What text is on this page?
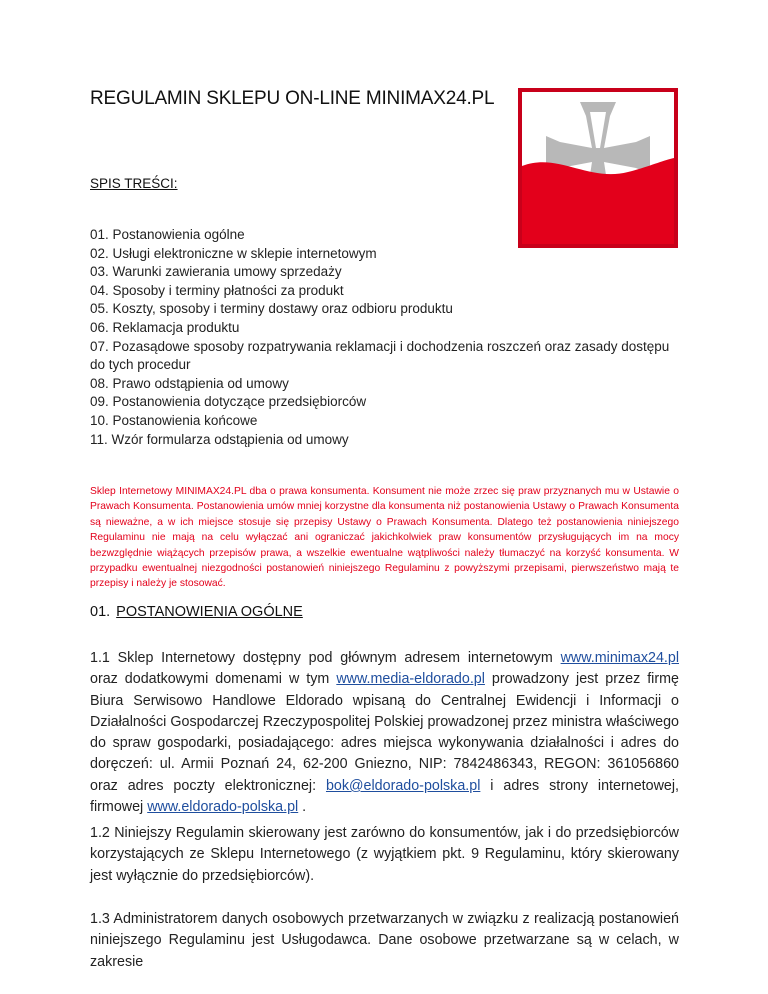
REGULAMIN SKLEPU ON-LINE MINIMAX24.PL
SPIS TREŚCI:
01. Postanowienia ogólne
02. Usługi elektroniczne w sklepie internetowym
03. Warunki zawierania umowy sprzedaży
04. Sposoby i terminy płatności za produkt
05. Koszty, sposoby i terminy dostawy oraz odbioru produktu
06. Reklamacja produktu
07. Pozasądowe sposoby rozpatrywania reklamacji i dochodzenia roszczeń oraz zasady dostępu do tych procedur
08. Prawo odstąpienia od umowy
09. Postanowienia dotyczące przedsiębiorców
10. Postanowienia końcowe
11. Wzór formularza odstąpienia od umowy

Sklep Internetowy MINIMAX24.PL dba o prawa konsumenta. Konsument nie może zrzec się praw przyznanych mu w Ustawie o Prawach Konsumenta. Postanowienia umów mniej korzystne dla konsumenta niż postanowienia Ustawy o Prawach Konsumenta są nieważne, a w ich miejsce stosuje się przepisy Ustawy o Prawach Konsumenta. Dlatego też postanowienia niniejszego Regulaminu nie mają na celu wyłączać ani ograniczać jakichkolwiek praw konsumentów przysługujących im na mocy bezwzględnie wiążących przepisów prawa, a wszelkie ewentualne wątpliwości należy tłumaczyć na korzyść konsumenta. W przypadku ewentualnej niezgodności postanowień niniejszego Regulaminu z powyższymi przepisami, pierwszeństwo mają te przepisy i należy je stosować.

01. POSTANOWIENIA OGÓLNE

1.1 Sklep Internetowy dostępny pod głównym adresem internetowym www.minimax24.pl oraz dodatkowymi domenami w tym www.media-eldorado.pl prowadzony jest przez firmę Biura Serwisowo Handlowe Eldorado wpisaną do Centralnej Ewidencji i Informacji o Działalności Gospodarczej Rzeczypospolitej Polskiej prowadzonej przez ministra właściwego do spraw gospodarki, posiadającego: adres miejsca wykonywania działalności i adres do doręczeń: ul. Armii Poznań 24, 62-200 Gniezno, NIP: 7842486343, REGON: 361056860 oraz adres poczty elektronicznej: bok@eldorado-polska.pl i adres strony internetowej, firmowej www.eldorado-polska.pl .

1.2 Niniejszy Regulamin skierowany jest zarówno do konsumentów, jak i do przedsiębiorców korzystających ze Sklepu Internetowego (z wyjątkiem pkt. 9 Regulaminu, który skierowany jest wyłącznie do przedsiębiorców).

1.3 Administratorem danych osobowych przetwarzanych w związku z realizacją postanowień niniejszego Regulaminu jest Usługodawca. Dane osobowe przetwarzane są w celach, w zakresie
